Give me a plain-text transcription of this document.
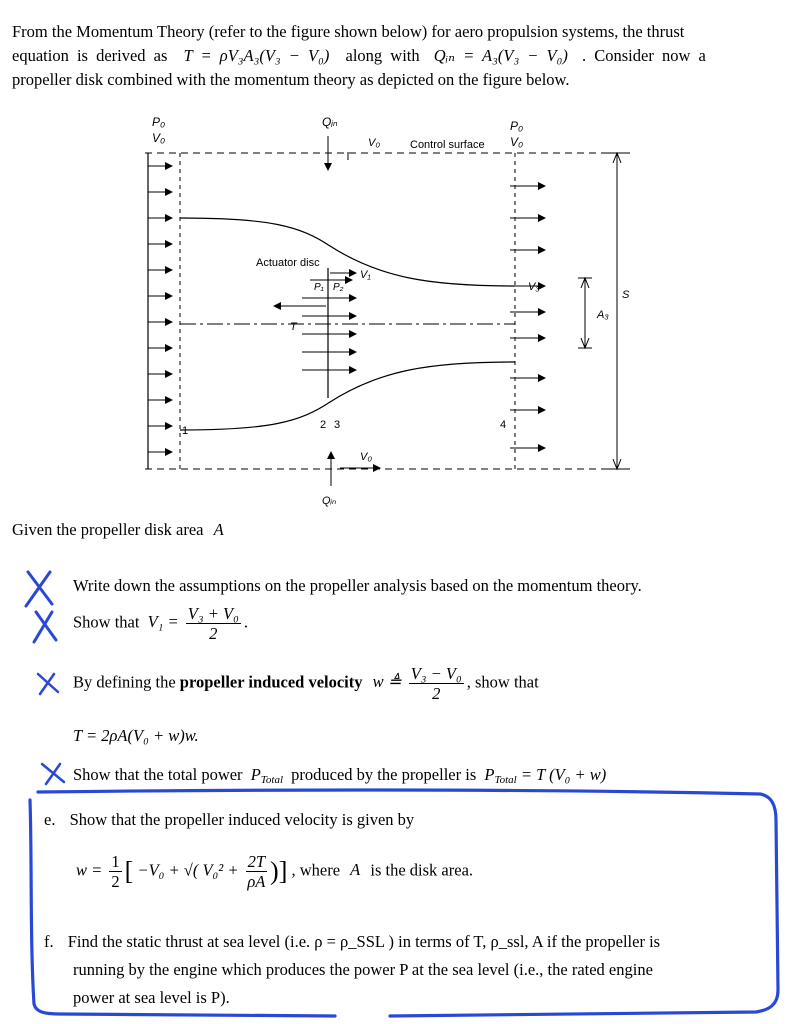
From the Momentum Theory (refer to the figure shown below) for aero propulsion systems, the thrust
equation is derived as T = ρV₃A₃(V₃ − V₀) along with Qᵢₙ = A₃(V₃ − V₀) . Consider now a
propeller disk combined with the momentum theory as depicted on the figure below.
P₀
V₀
Qᵢₙ
V₀	Control surface
P₀
V₀
Actuator disc
P₁ P₂
V₁
V₃
A₃
S
T
1	2 3	4
V₀
Qᵢₙ
Given the propeller disk area A
Write down the assumptions on the propeller analysis based on the momentum theory.
Show that $V_1 = \frac{\text{V₃ + V₀}}{2}$ .
By defining the propeller induced velocity w ≜ $\frac{\text{V₃ − V₀}}{2}$ , show that
T = 2ρA(V₀ + w)w.
Show that the total power $P_{Total}$ produced by the propeller is $P_{Total} = T$ (V₀ + w)
e. Show that the propeller induced velocity is given by
$w = \frac{1}{2}$ [ −V₀ + √( $V_0^2 + \frac{2T}{\rho A}$ )] , where A is the disk area.
f. Find the static thrust at sea level (i.e. ρ = ρ_SSL ) in terms of T, ρ_ssl, A if the propeller is
running by the engine which produces the power P at the sea level (i.e., the rated engine
power at sea level is P).
